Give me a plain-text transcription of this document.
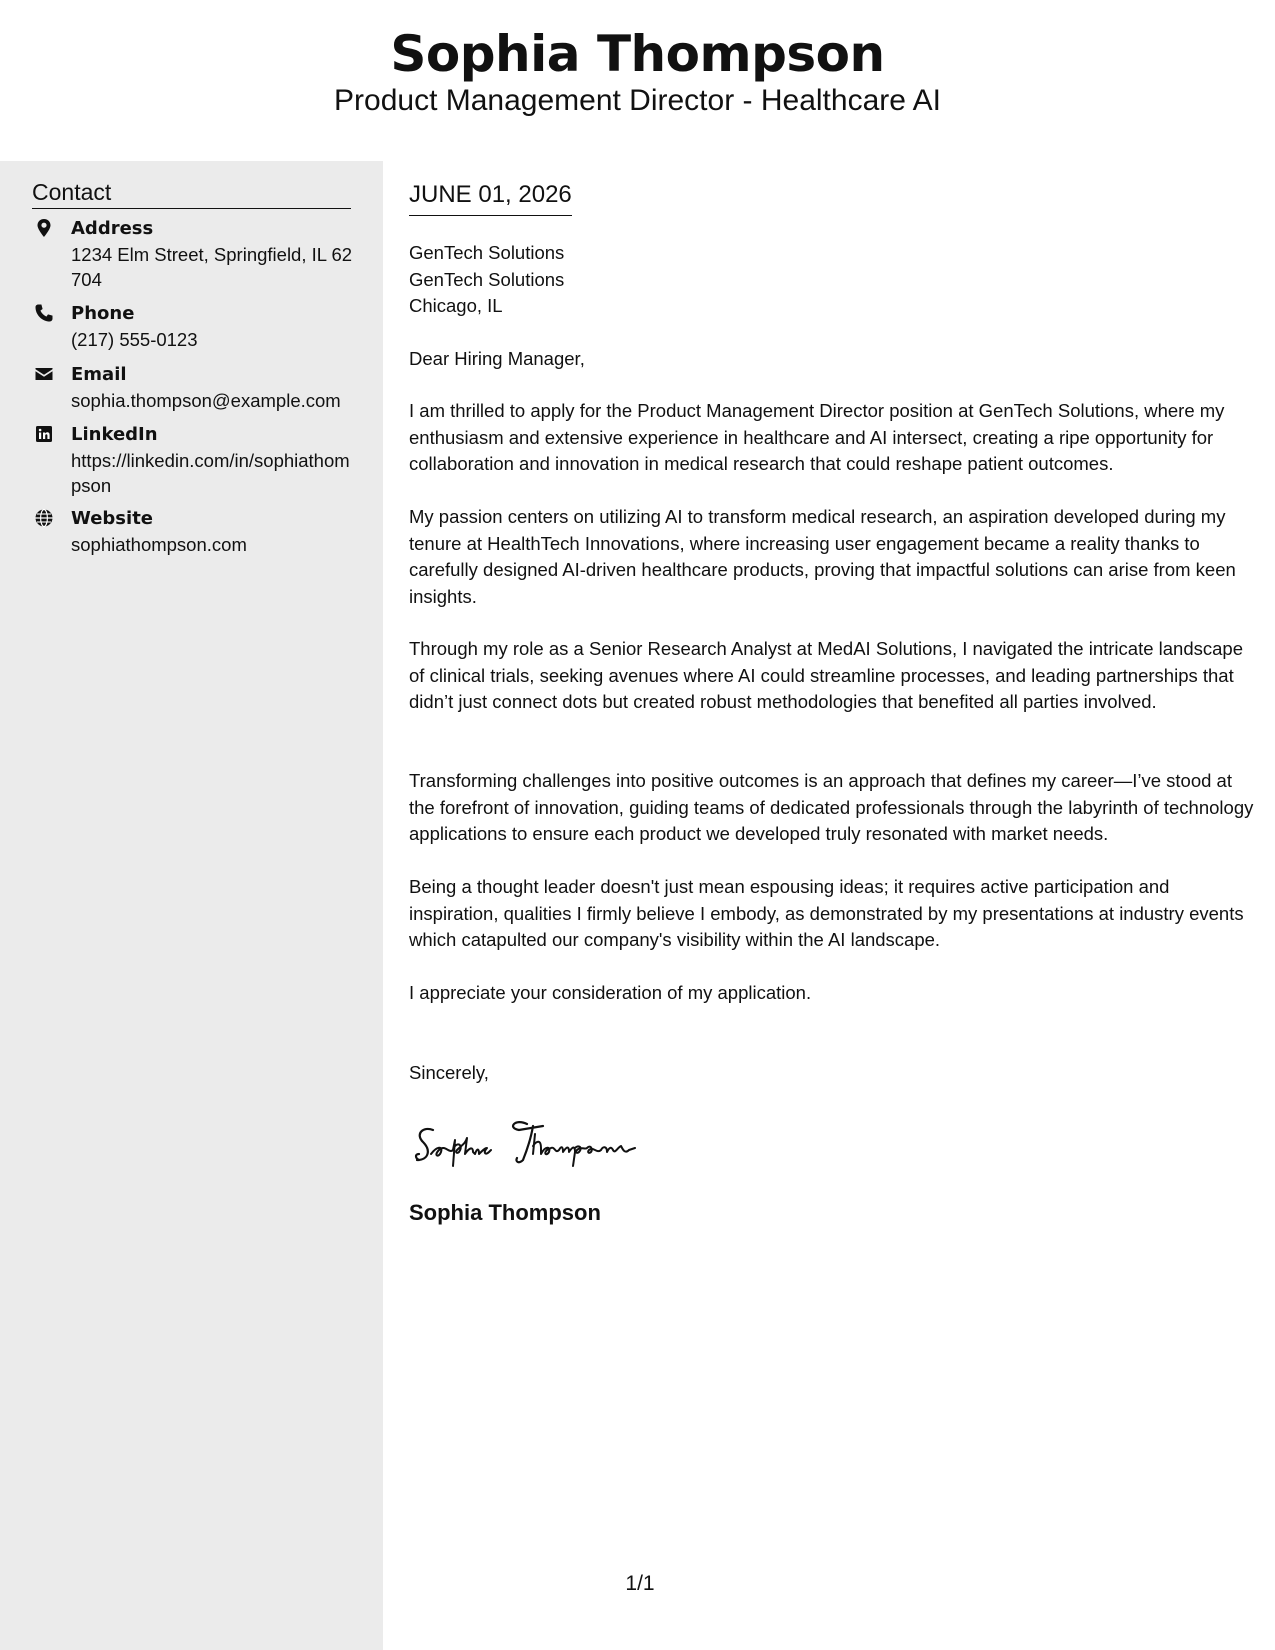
Sophia Thompson
Product Management Director - Healthcare AI
Contact
Address
1234 Elm Street, Springfield, IL 62704
Phone
(217) 555-0123
Email
sophia.thompson@example.com
LinkedIn
https://linkedin.com/in/sophiathompson
Website
sophiathompson.com
JUNE 01, 2026
GenTech Solutions
GenTech Solutions
Chicago, IL
Dear Hiring Manager,
I am thrilled to apply for the Product Management Director position at GenTech Solutions, where my enthusiasm and extensive experience in healthcare and AI intersect, creating a ripe opportunity for collaboration and innovation in medical research that could reshape patient outcomes.
My passion centers on utilizing AI to transform medical research, an aspiration developed during my tenure at HealthTech Innovations, where increasing user engagement became a reality thanks to carefully designed AI-driven healthcare products, proving that impactful solutions can arise from keen insights.
Through my role as a Senior Research Analyst at MedAI Solutions, I navigated the intricate landscape of clinical trials, seeking avenues where AI could streamline processes, and leading partnerships that didn’t just connect dots but created robust methodologies that benefited all parties involved.
Transforming challenges into positive outcomes is an approach that defines my career—I’ve stood at the forefront of innovation, guiding teams of dedicated professionals through the labyrinth of technology applications to ensure each product we developed truly resonated with market needs.
Being a thought leader doesn't just mean espousing ideas; it requires active participation and inspiration, qualities I firmly believe I embody, as demonstrated by my presentations at industry events which catapulted our company's visibility within the AI landscape.
I appreciate your consideration of my application.
Sincerely,
Sophia Thompson
1/1
